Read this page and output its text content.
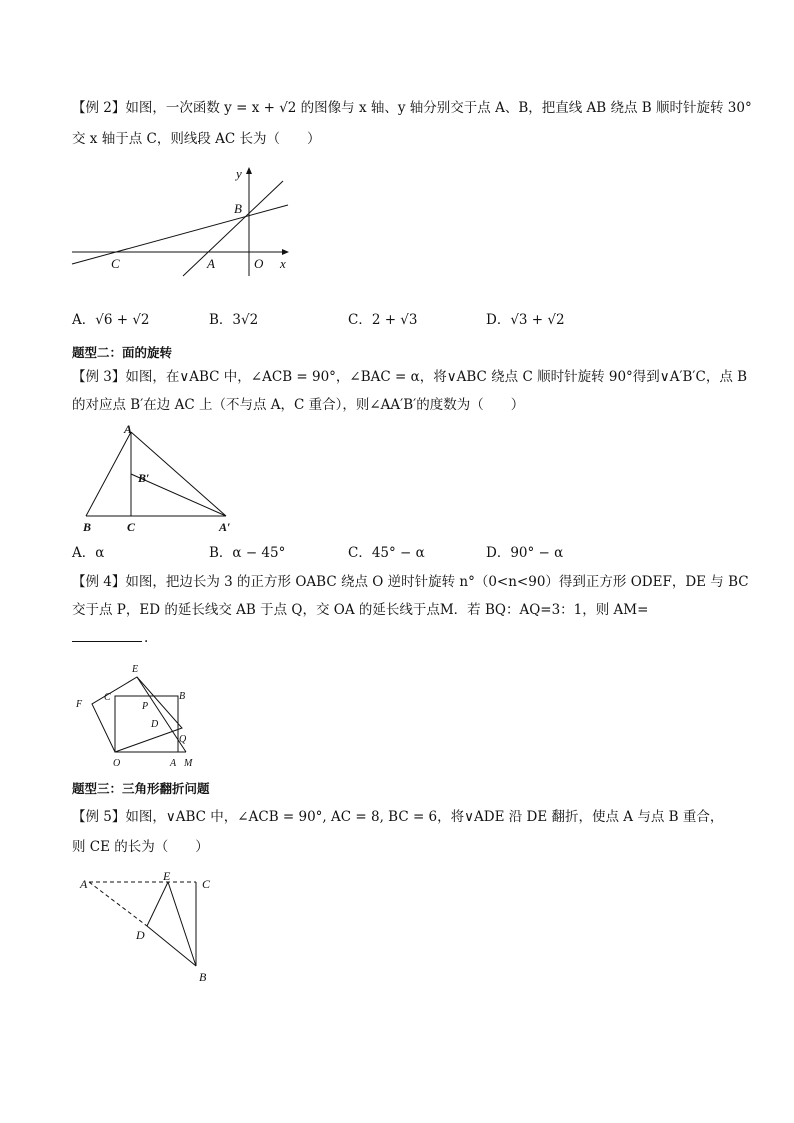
【例 2】如图，一次函数 y = x + √2 的图像与 x 轴、y 轴分别交于点 A、B，把直线 AB 绕点 B 顺时针旋转 30°
交 x 轴于点 C，则线段 AC 长为（　　）
y
B
C	A	O x
A．√6 + √2	B．3√2	C．2 + √3	D．√3 + √2
题型二：面的旋转
【例 3】如图，在∨ABC 中，∠ACB = 90°，∠BAC = α，将∨ABC 绕点 C 顺时针旋转 90°得到∨A′B′C，点 B
的对应点 B′在边 AC 上（不与点 A，C 重合），则∠AA′B′的度数为（　　）
A
B′
B	C	A′
A．α	B．α − 45°	C．45° − α	D．90° − α
【例 4】如图，把边长为 3 的正方形 OABC 绕点 O 逆时针旋转 n°（0<n<90）得到正方形 ODEF，DE 与 BC
交于点 P，ED 的延长线交 AB 于点 Q，交 OA 的延长线于点M．若 BQ：AQ=3：1，则 AM=
.
E
F
C	B
P
D
Q
O	A M
题型三：三角形翻折问题
【例 5】如图，∨ABC 中，∠ACB = 90°, AC = 8, BC = 6，将∨ADE 沿 DE 翻折，使点 A 与点 B 重合，
则 CE 的长为（　　）
A
E
C
D
B
